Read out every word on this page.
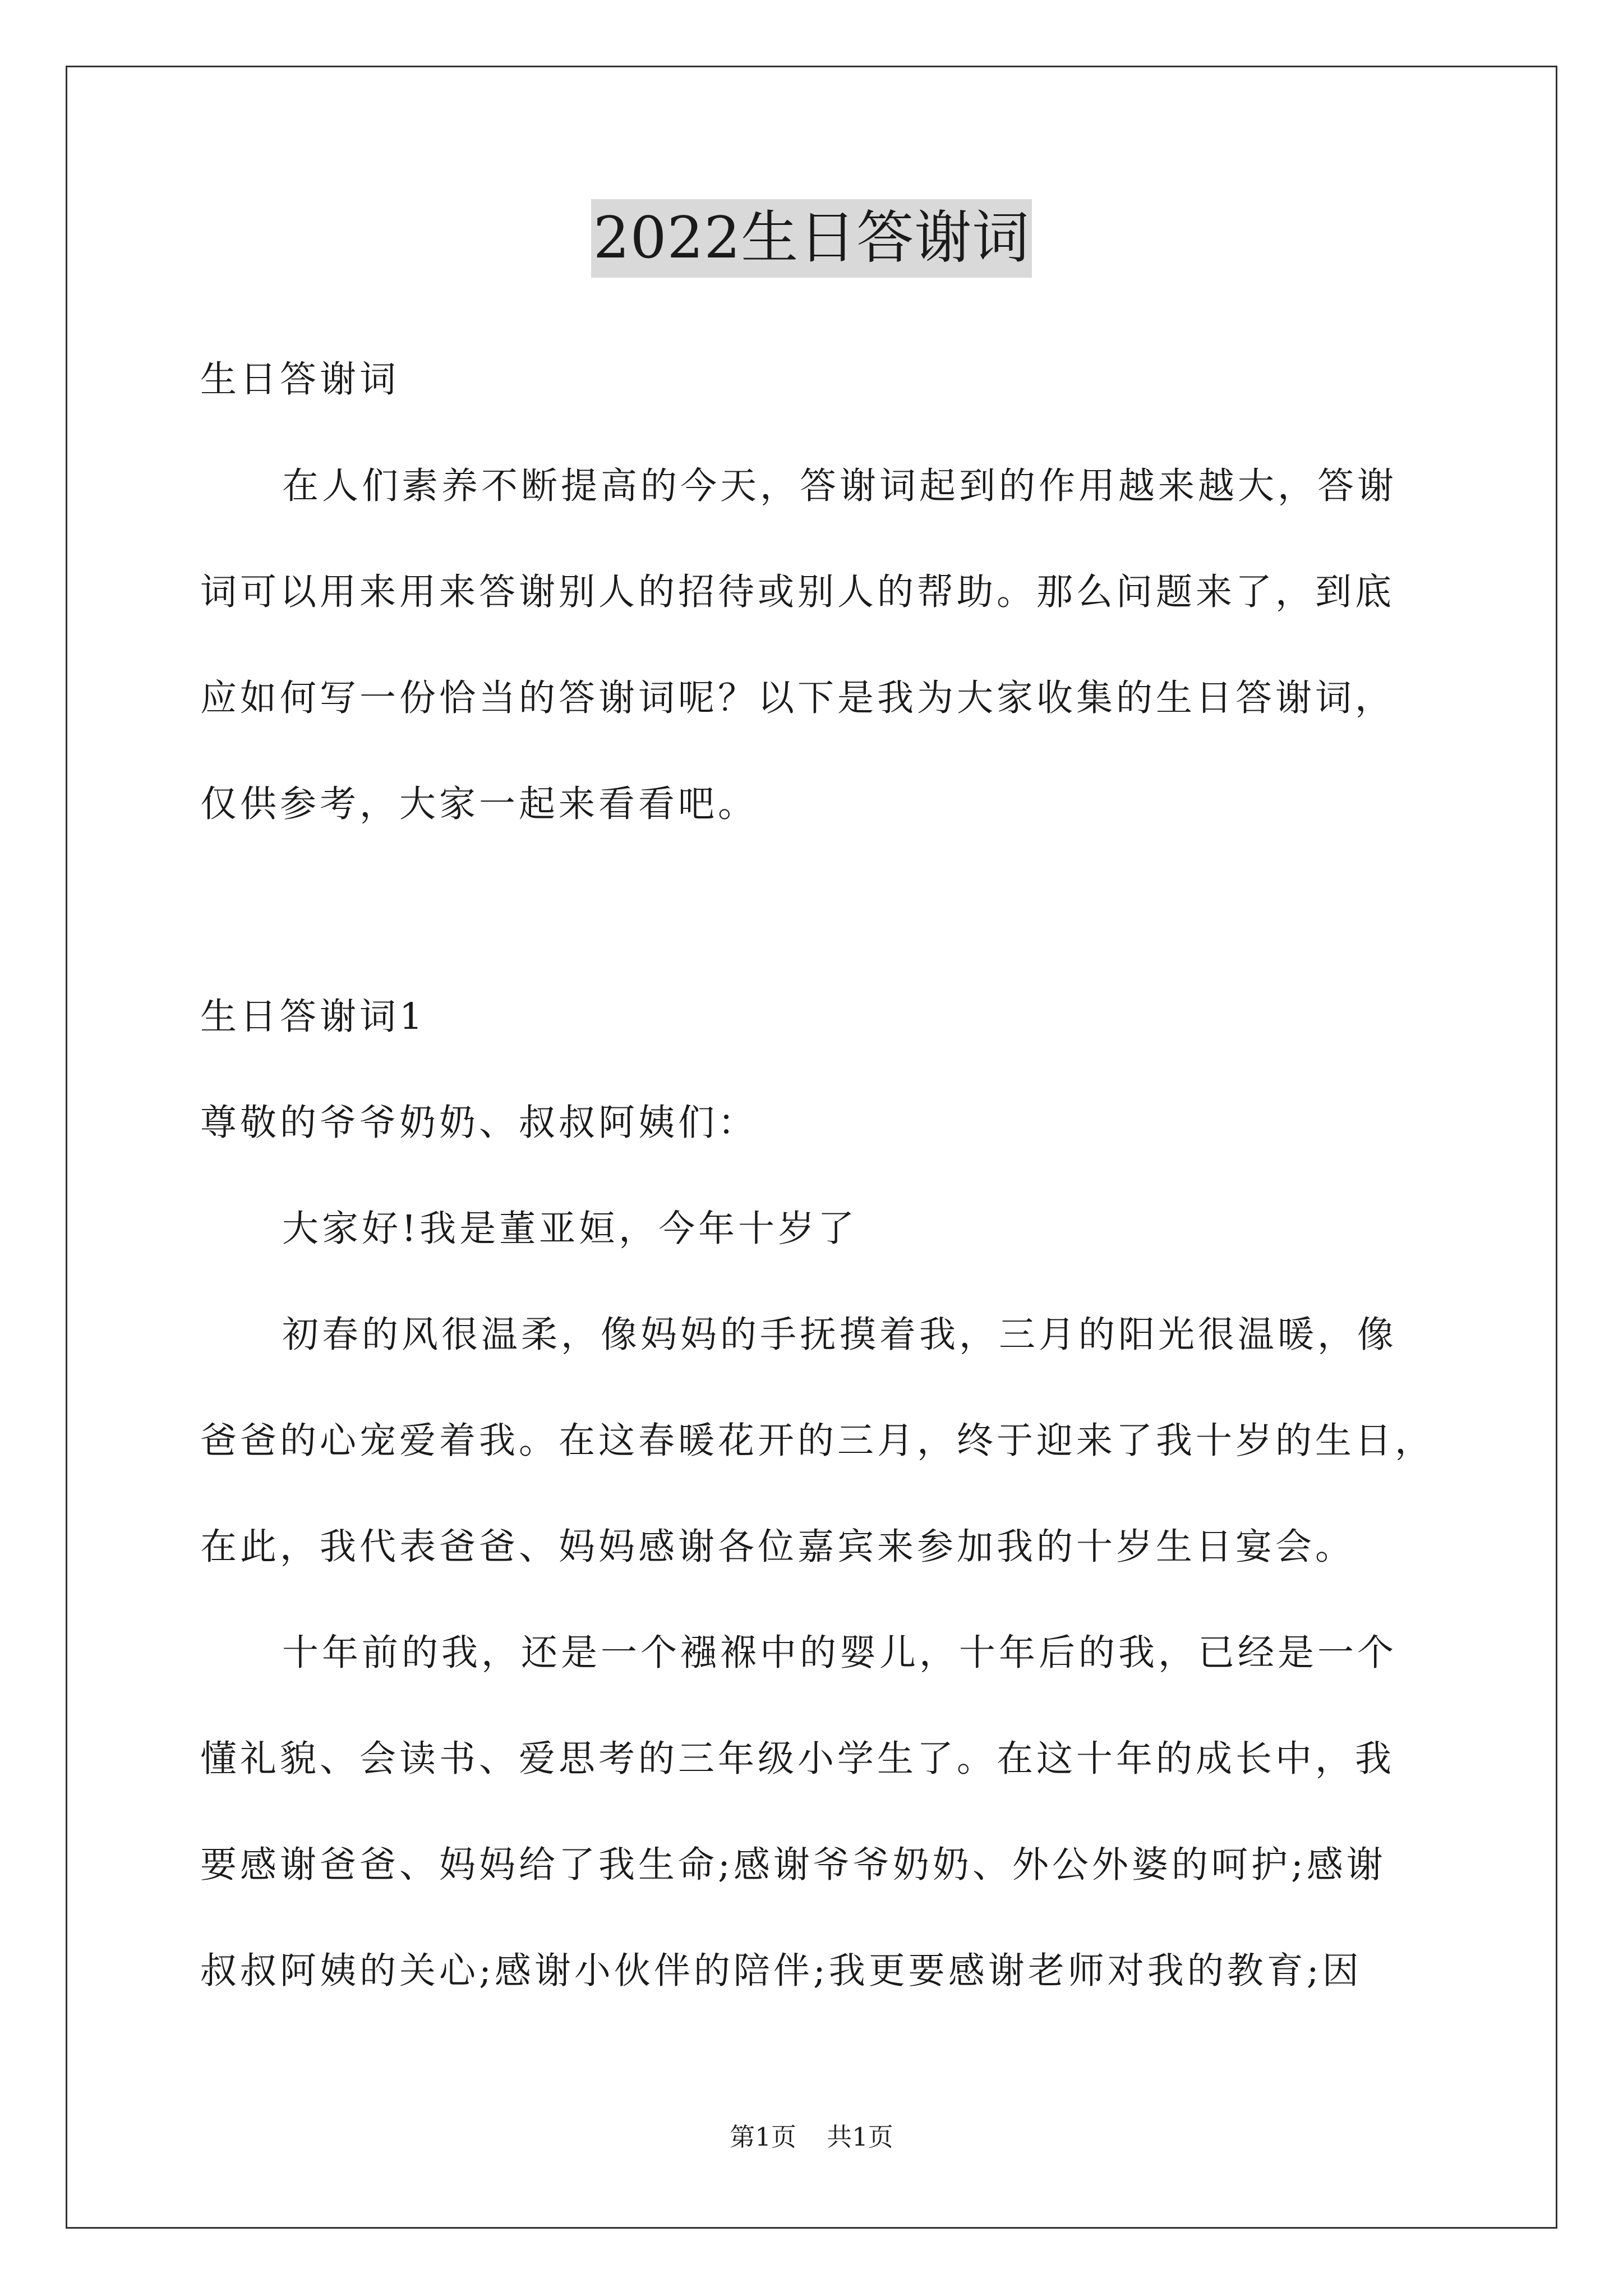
2022生日答谢词
生日答谢词
在人们素养不断提高的今天，答谢词起到的作用越来越大，答谢
词可以用来用来答谢别人的招待或别人的帮助。那么问题来了，到底
应如何写一份恰当的答谢词呢？以下是我为大家收集的生日答谢词，
仅供参考，大家一起来看看吧。
生日答谢词1
尊敬的爷爷奶奶、叔叔阿姨们：
大家好!我是董亚姮，今年十岁了
初春的风很温柔，像妈妈的手抚摸着我，三月的阳光很温暖，像
爸爸的心宠爱着我。在这春暖花开的三月，终于迎来了我十岁的生日，
在此，我代表爸爸、妈妈感谢各位嘉宾来参加我的十岁生日宴会。
十年前的我，还是一个襁褓中的婴儿，十年后的我，已经是一个
懂礼貌、会读书、爱思考的三年级小学生了。在这十年的成长中，我
要感谢爸爸、妈妈给了我生命;感谢爷爷奶奶、外公外婆的呵护;感谢
叔叔阿姨的关心;感谢小伙伴的陪伴;我更要感谢老师对我的教育;因
第1页 共1页
